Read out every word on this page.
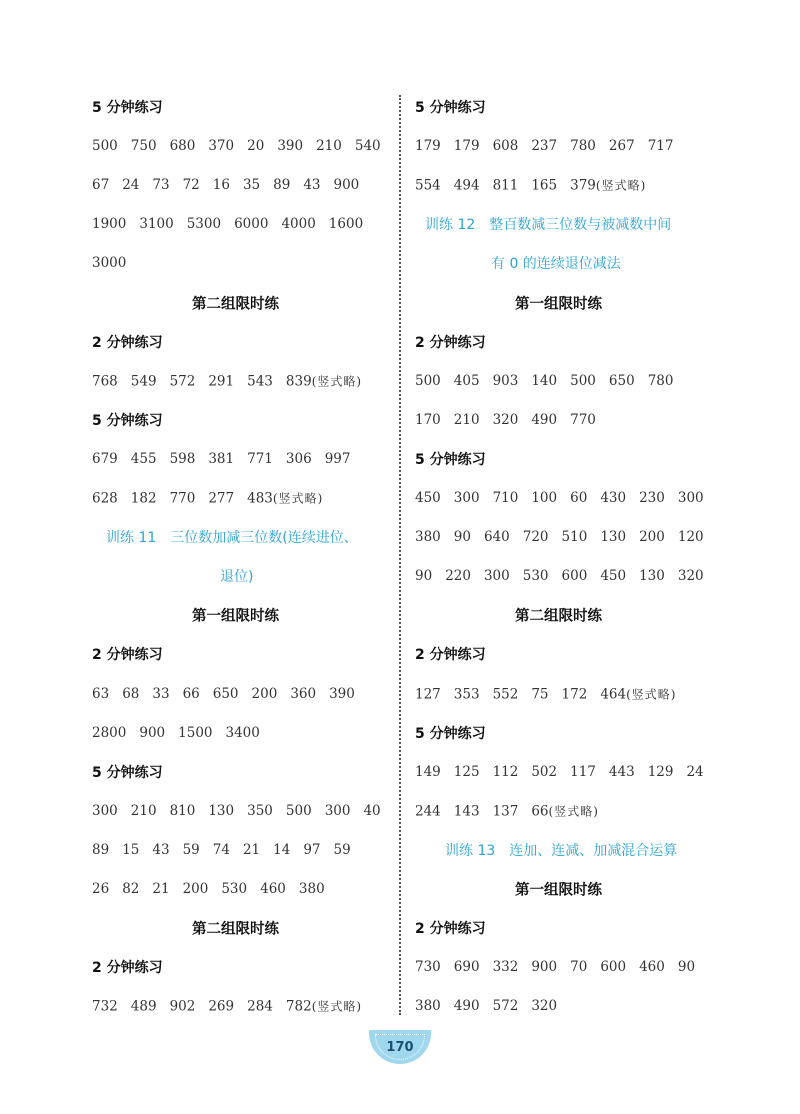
5 分钟练习
500 750 680 370 20 390 210 540
67 24 73 72 16 35 89 43 900
1900 3100 5300 6000 4000 1600
3000
第二组限时练
2 分钟练习
768 549 572 291 543 839(竖式略)
5 分钟练习
679 455 598 381 771 306 997
628 182 770 277 483(竖式略)
训练 11　三位数加减三位数(连续进位、
退位)
第一组限时练
2 分钟练习
63 68 33 66 650 200 360 390
2800 900 1500 3400
5 分钟练习
300 210 810 130 350 500 300 40
89 15 43 59 74 21 14 97 59
26 82 21 200 530 460 380
第二组限时练
2 分钟练习
732 489 902 269 284 782(竖式略)
5 分钟练习
179 179 608 237 780 267 717
554 494 811 165 379(竖式略)
训练 12　整百数减三位数与被减数中间
有 0 的连续退位减法
第一组限时练
2 分钟练习
500 405 903 140 500 650 780
170 210 320 490 770
5 分钟练习
450 300 710 100 60 430 230 300
380 90 640 720 510 130 200 120
90 220 300 530 600 450 130 320
第二组限时练
2 分钟练习
127 353 552 75 172 464(竖式略)
5 分钟练习
149 125 112 502 117 443 129 24
244 143 137 66(竖式略)
训练 13　连加、连减、加减混合运算
第一组限时练
2 分钟练习
730 690 332 900 70 600 460 90
380 490 572 320
170
